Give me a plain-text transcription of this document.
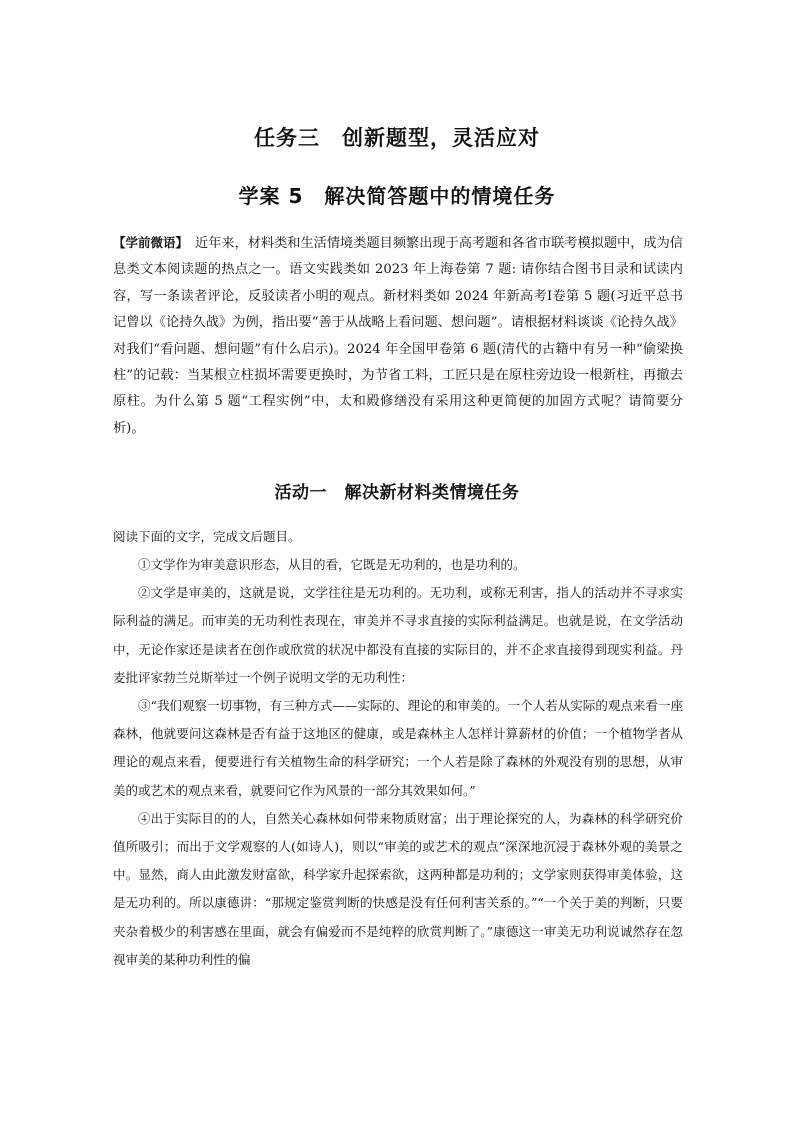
任务三　创新题型，灵活应对
学案 5　解决简答题中的情境任务
【学前微语】　 近年来，材料类和生活情境类题目频繁出现于高考题和各省市联考模拟题中，成为信息类文本阅读题的热点之一。语文实践类如 2023 年上海卷第 7 题: 请你结合图书目录和试读内容，写一条读者评论，反驳读者小明的观点。新材料类如 2024 年新高考Ⅰ卷第 5 题(习近平总书记曾以《论持久战》为例，指出要“善于从战略上看问题、想问题”。请根据材料谈谈《论持久战》对我们“看问题、想问题”有什么启示)。2024 年全国甲卷第 6 题(清代的古籍中有另一种“偷梁换柱”的记载：当某根立柱损坏需要更换时，为节省工料，工匠只是在原柱旁边设一根新柱，再撤去原柱。为什么第 5 题“工程实例”中，太和殿修缮没有采用这种更简便的加固方式呢？请简要分析)。
活动一　解决新材料类情境任务
阅读下面的文字，完成文后题目。

①文学作为审美意识形态，从目的看，它既是无功利的，也是功利的。

②文学是审美的，这就是说，文学往往是无功利的。无功利，或称无利害，指人的活动并不寻求实际利益的满足。而审美的无功利性表现在，审美并不寻求直接的实际利益满足。也就是说，在文学活动中，无论作家还是读者在创作或欣赏的状况中都没有直接的实际目的，并不企求直接得到现实利益。丹麦批评家勃兰兑斯举过一个例子说明文学的无功利性：

③“我们观察一切事物，有三种方式——实际的、理论的和审美的。一个人若从实际的观点来看一座森林，他就要问这森林是否有益于这地区的健康，或是森林主人怎样计算薪材的价值；一个植物学者从理论的观点来看，便要进行有关植物生命的科学研究；一个人若是除了森林的外观没有别的思想，从审美的或艺术的观点来看，就要问它作为风景的一部分其效果如何。”

④出于实际目的的人，自然关心森林如何带来物质财富；出于理论探究的人，为森林的科学研究价值所吸引；而出于文学观察的人(如诗人)，则以“审美的或艺术的观点”深深地沉浸于森林外观的美景之中。显然，商人由此激发财富欲，科学家升起探索欲，这两种都是功利的；文学家则获得审美体验，这是无功利的。所以康德讲：“那规定鉴赏判断的快感是没有任何利害关系的。”“一个关于美的判断，只要夹杂着极少的利害感在里面，就会有偏爱而不是纯粹的欣赏判断了。”康德这一审美无功利说诚然存在忽视审美的某种功利性的偏
